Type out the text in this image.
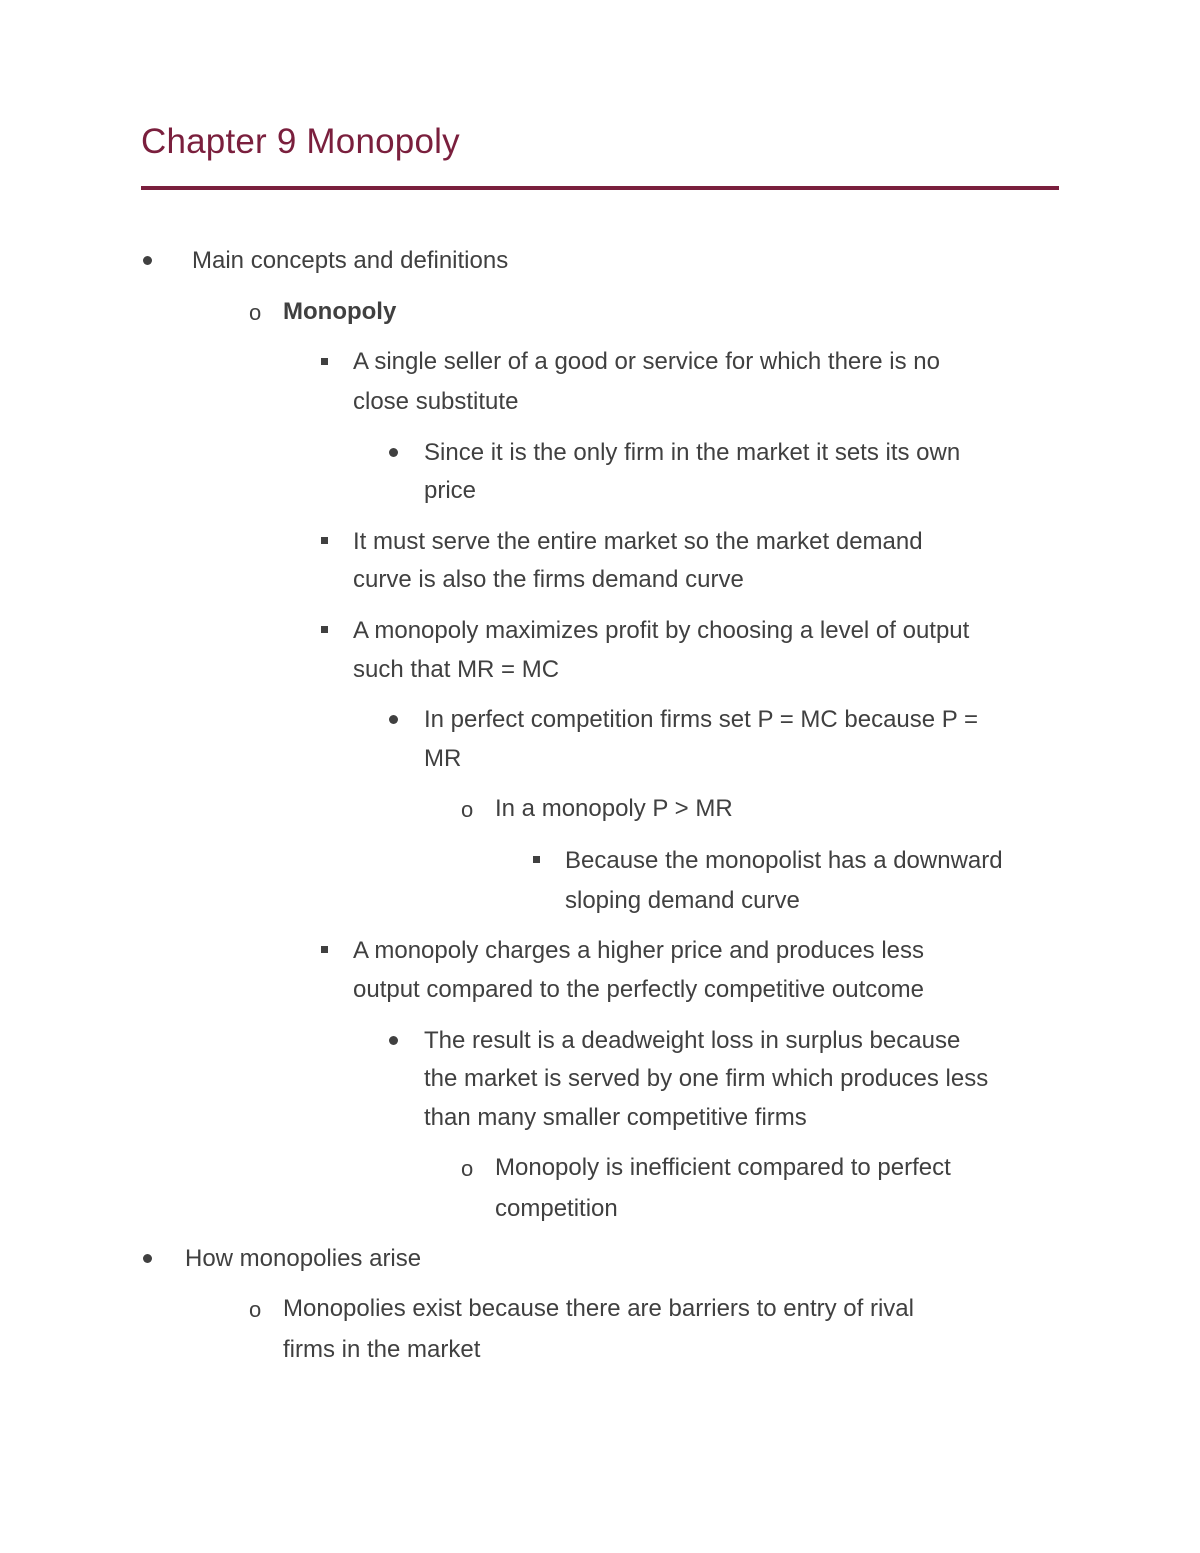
Chapter 9 Monopoly
Main concepts and definitions
o Monopoly
A single seller of a good or service for which there is no
close substitute
Since it is the only firm in the market it sets its own
price
It must serve the entire market so the market demand
curve is also the firms demand curve
A monopoly maximizes profit by choosing a level of output
such that MR = MC
In perfect competition firms set P = MC because P =
MR
o In a monopoly P > MR
Because the monopolist has a downward
sloping demand curve
A monopoly charges a higher price and produces less
output compared to the perfectly competitive outcome
The result is a deadweight loss in surplus because
the market is served by one firm which produces less
than many smaller competitive firms
o Monopoly is inefficient compared to perfect
competition
How monopolies arise
o Monopolies exist because there are barriers to entry of rival
firms in the market
